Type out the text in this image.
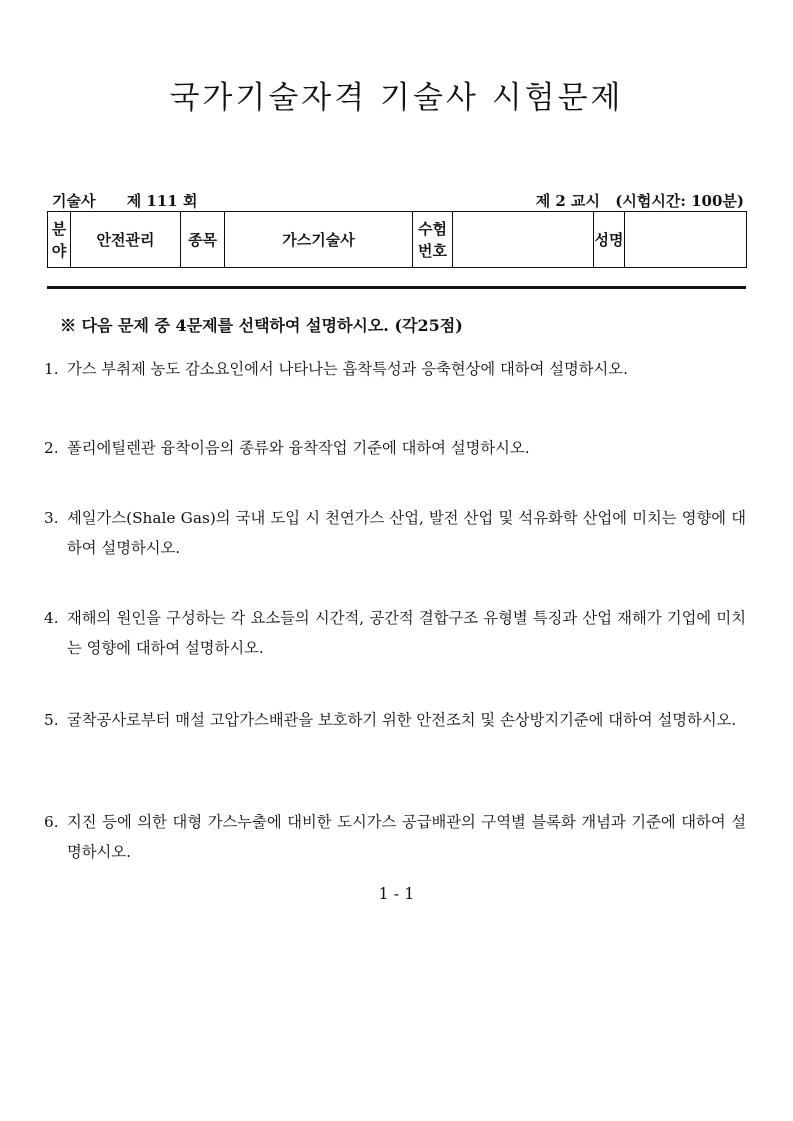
국가기술자격 기술사 시험문제
기술사 제 111 회	제 2 교시 (시험시간: 100분)
분야	안전관리	종목	가스기술사	수험번호		성명	
※ 다음 문제 중 4문제를 선택하여 설명하시오. (각25점)
1. 가스 부취제 농도 감소요인에서 나타나는 흡착특성과 응축현상에 대하여 설명하시오.
2. 폴리에틸렌관 융착이음의 종류와 융착작업 기준에 대하여 설명하시오.
3. 셰일가스(Shale Gas)의 국내 도입 시 천연가스 산업, 발전 산업 및 석유화학 산업에 미치는 영향에 대하여 설명하시오.
4. 재해의 원인을 구성하는 각 요소들의 시간적, 공간적 결합구조 유형별 특징과 산업 재해가 기업에 미치는 영향에 대하여 설명하시오.
5. 굴착공사로부터 매설 고압가스배관을 보호하기 위한 안전조치 및 손상방지기준에 대하여 설명하시오.
6. 지진 등에 의한 대형 가스누출에 대비한 도시가스 공급배관의 구역별 블록화 개념과 기준에 대하여 설명하시오.
1 - 1
